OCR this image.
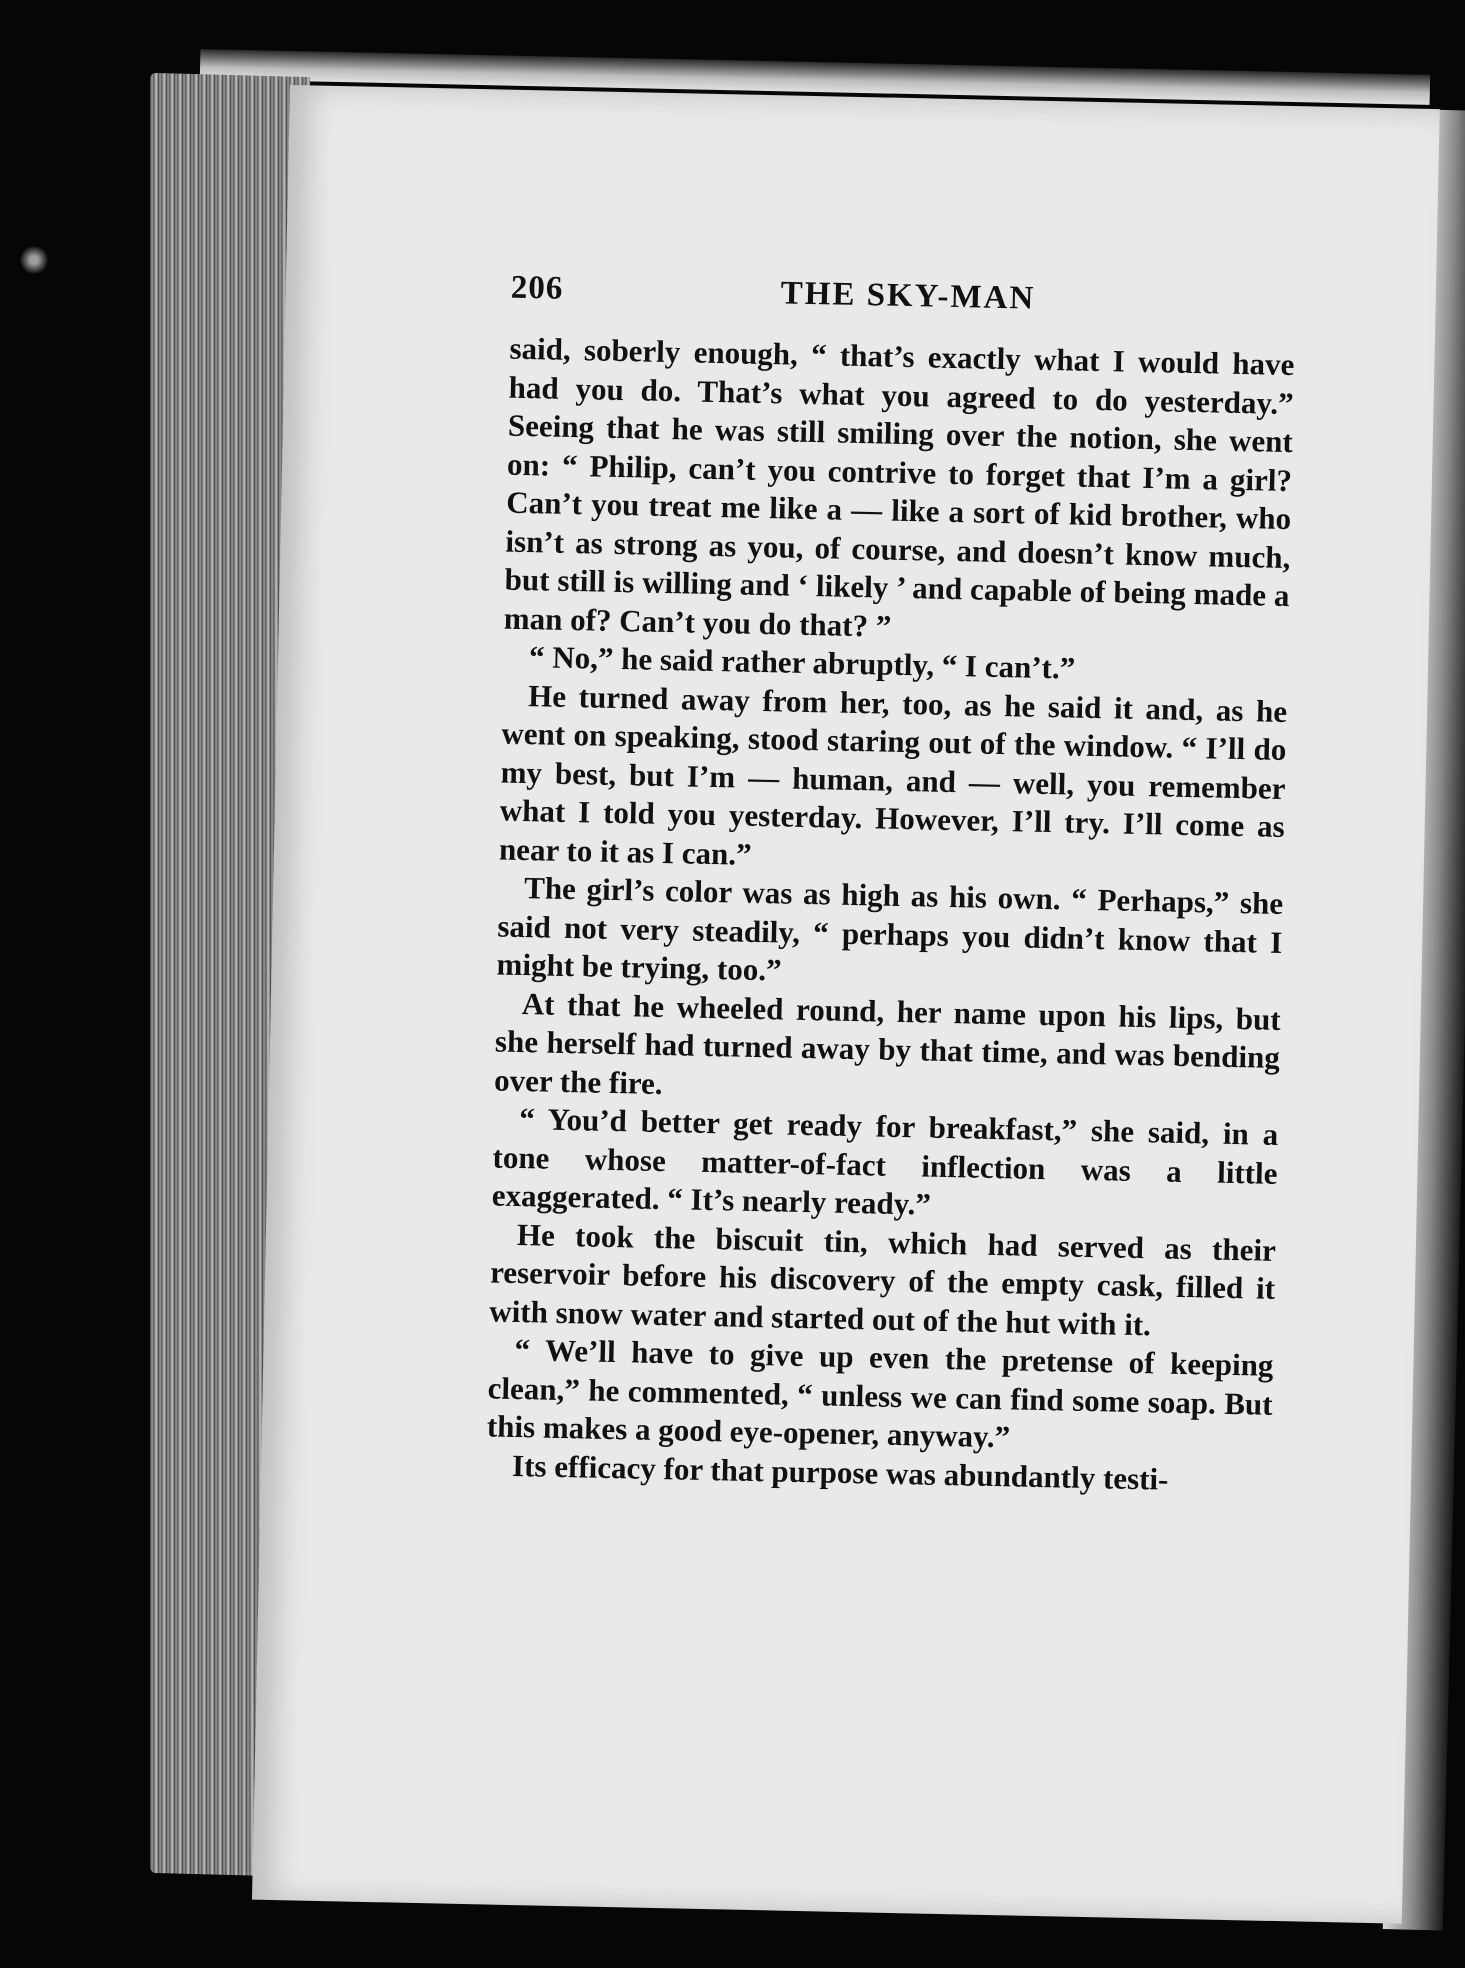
206	THE SKY-MAN

said, soberly enough, “ that’s exactly what I would have had you do. That’s what you agreed to do yesterday.” Seeing that he was still smiling over the notion, she went on: “ Philip, can’t you contrive to forget that I’m a girl? Can’t you treat me like a — like a sort of kid brother, who isn’t as strong as you, of course, and doesn’t know much, but still is willing and ‘ likely ’ and capable of being made a man of? Can’t you do that? ”

“ No,” he said rather abruptly, “ I can’t.”

He turned away from her, too, as he said it and, as he went on speaking, stood staring out of the window. “ I’ll do my best, but I’m — human, and — well, you remember what I told you yesterday. However, I’ll try. I’ll come as near to it as I can.”

The girl’s color was as high as his own. “ Perhaps,” she said not very steadily, “ perhaps you didn’t know that I might be trying, too.”

At that he wheeled round, her name upon his lips, but she herself had turned away by that time, and was bending over the fire.

“ You’d better get ready for breakfast,” she said, in a tone whose matter-of-fact inflection was a little exaggerated. “ It’s nearly ready.”

He took the biscuit tin, which had served as their reservoir before his discovery of the empty cask, filled it with snow water and started out of the hut with it.

“ We’ll have to give up even the pretense of keeping clean,” he commented, “ unless we can find some soap. But this makes a good eye-opener, anyway.”

Its efficacy for that purpose was abundantly testi-
